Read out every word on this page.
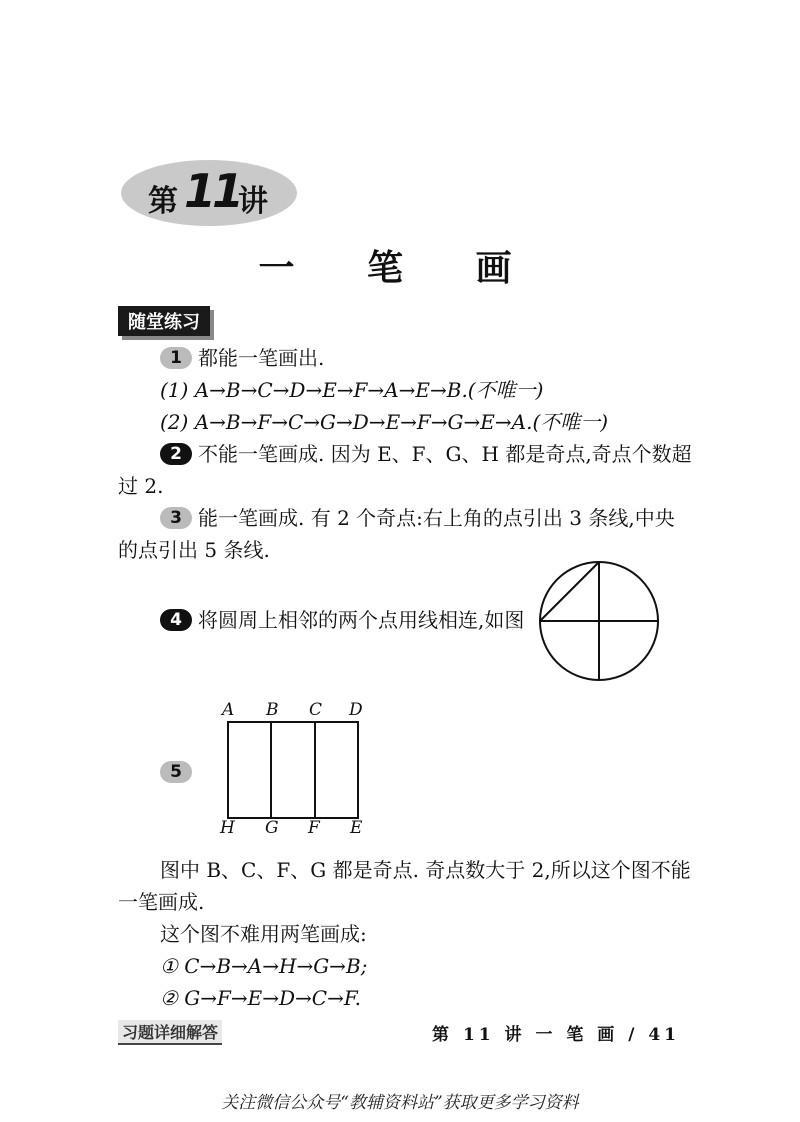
第 11
讲
一 笔 画
随堂练习
1 都能一笔画出.
(1) A→B→C→D→E→F→A→E→B.(不唯一)
(2) A→B→F→C→G→D→E→F→G→E→A.(不唯一)
2 不能一笔画成. 因为 E、F、G、H 都是奇点,奇点个数超
过 2.
3 能一笔画成. 有 2 个奇点:右上角的点引出 3 条线,中央
的点引出 5 条线.
4 将圆周上相邻的两个点用线相连,如图
5
A B C D
H G F E
图中 B、C、F、G 都是奇点. 奇点数大于 2,所以这个图不能
一笔画成.
这个图不难用两笔画成:
① C→B→A→H→G→B;
② G→F→E→D→C→F.
习题详细解答	第 11 讲 一 笔 画 / 41
关注微信公众号“教辅资料站”获取更多学习资料
